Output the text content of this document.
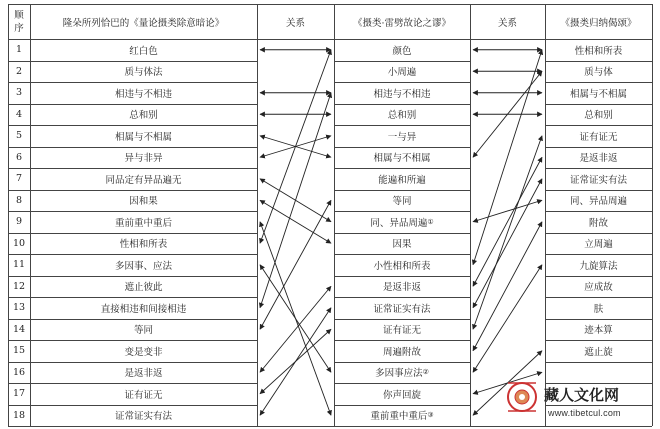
顺
序	隆朵所列恰巴的《量论摄类除意暗论》	关系	《摄类·雷劈故论之谬》	关系	《摄类归纳偈颂》
1	红白色	颜色	性相和所表
2	质与体法	小周遍	质与体
3	相违与不相违	相违与不相违	相属与不相属
4	总和别	总和别	总和别
5	相属与不相属	一与异	证有证无
6	异与非异	相属与不相属	是返非返
7	同品定有异品遍无	能遍和所遍	证常证实有法
8	因和果	等同	同、异品周遍
9	重前重中重后	同、异品周遍 ①	附故
10	性相和所表	因果	立周遍
11	多因事、应法	小性相和所表	九旋算法
12	遮止彼此	是返非返	应成故
13	直接相违和间接相违	证常证实有法	肤
14	等同	证有证无	迹本算
15	变是变非	周遍附故	遮止旋
16	是返非返	多因事应法 ②
17	证有证无	你声回旋
18	证常证实有法	重前重中重后 ③
藏人文化网
www.tibetcul.com
